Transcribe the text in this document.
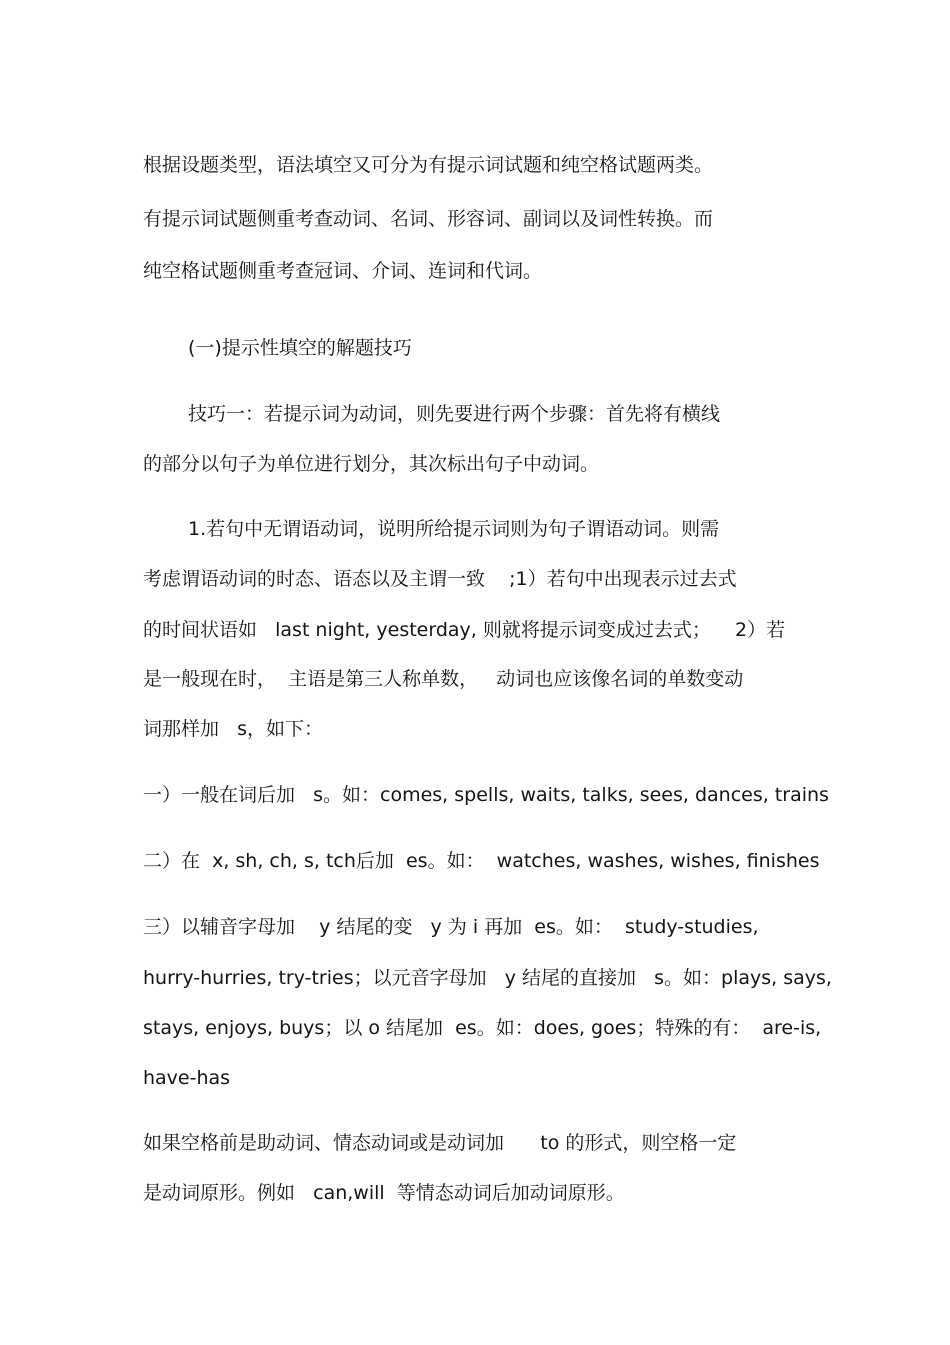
根据设题类型，语法填空又可分为有提示词试题和纯空格试题两类。
有提示词试题侧重考查动词、名词、形容词、副词以及词性转换。而
纯空格试题侧重考查冠词、介词、连词和代词。
(一)提示性填空的解题技巧
技巧一：若提示词为动词，则先要进行两个步骤：首先将有横线
的部分以句子为单位进行划分，其次标出句子中动词。
1.若句中无谓语动词，说明所给提示词则为句子谓语动词。则需
考虑谓语动词的时态、语态以及主谓一致    ;1）若句中出现表示过去式
的时间状语如   last night, yesterday, 则就将提示词变成过去式；    2）若
是一般现在时，  主语是第三人称单数，   动词也应该像名词的单数变动
词那样加   s，如下：
一）一般在词后加   s。如：comes, spells, waits, talks, sees, dances, trains
二）在  x, sh, ch, s, tch后加  es。如：  watches, washes, wishes, finishes
三）以辅音字母加    y 结尾的变   y 为 i 再加  es。如：  study-studies,
hurry-hurries, try-tries；以元音字母加   y 结尾的直接加   s。如：plays, says,
stays, enjoys, buys；以 o 结尾加  es。如：does, goes；特殊的有：  are-is,
have-has
如果空格前是助动词、情态动词或是动词加      to 的形式，则空格一定
是动词原形。例如   can,will  等情态动词后加动词原形。
